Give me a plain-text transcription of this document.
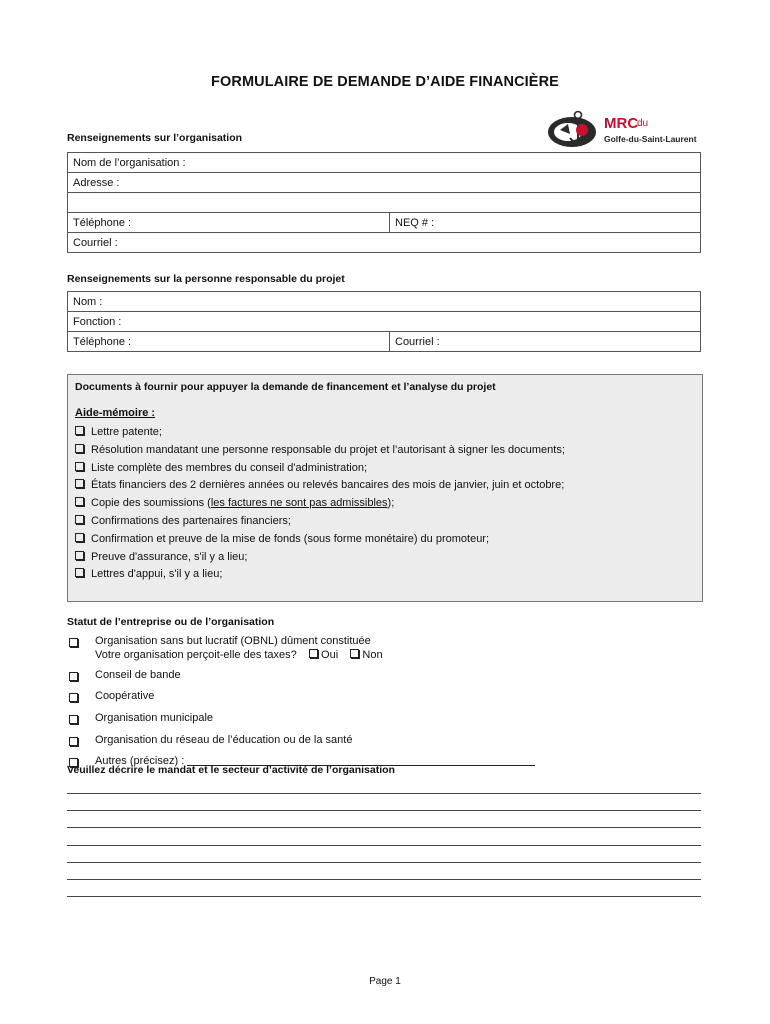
FORMULAIRE DE DEMANDE D’AIDE FINANCIÈRE
MRC
du
Golfe-du-Saint-Laurent
Renseignements sur l’organisation
Nom de l’organisation :
Adresse :

Téléphone :	NEQ # :
Courriel :
Renseignements sur la personne responsable du projet
Nom :
Fonction :
Téléphone :	Courriel :
Documents à fournir pour appuyer la demande de financement et l’analyse du projet
Aide-mémoire :
Lettre patente;
Résolution mandatant une personne responsable du projet et l’autorisant à signer les documents;
Liste complète des membres du conseil d'administration;
États financiers des 2 dernières années ou relevés bancaires des mois de janvier, juin et octobre;
Copie des soumissions (les factures ne sont pas admissibles);
Confirmations des partenaires financiers;
Confirmation et preuve de la mise de fonds (sous forme monétaire) du promoteur;
Preuve d'assurance, s'il y a lieu;
Lettres d'appui, s'il y a lieu;
Statut de l’entreprise ou de l’organisation
Organisation sans but lucratif (OBNL) dûment constituée
Votre organisation perçoit-elle des taxes? Oui Non
Conseil de bande
Coopérative
Organisation municipale
Organisation du réseau de l’éducation ou de la santé
Autres (précisez) :
Veuillez décrire le mandat et le secteur d’activité de l’organisation
Page 1
